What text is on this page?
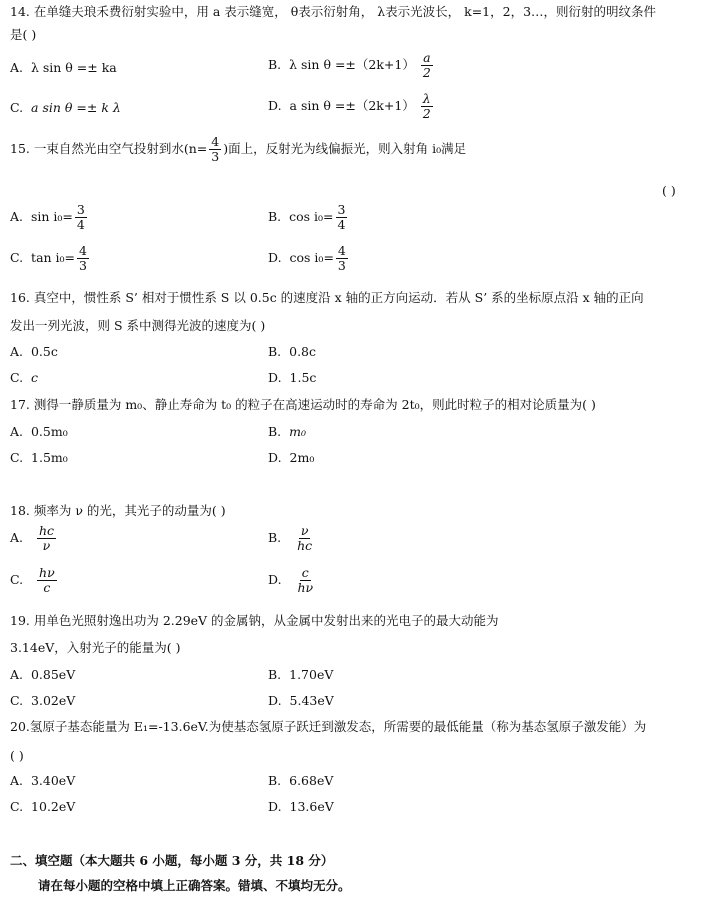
14. 在单缝夫琅禾费衍射实验中，用 a 表示缝宽， θ表示衍射角， λ表示光波长， k=1，2，3…，则衍射的明纹条件
是( )
A. λ sin θ =± ka	B. λ $\sin \theta =\pm(2k+1) \frac{a}{2}$
C. a sin θ =± k λ	D. a $\sin \theta =\pm(2k+1) \frac{\lambda}{2}$
15. 一束自然光由空气投射到水($n= \frac{4}{3}$ )面上，反射光为线偏振光，则入射角 i₀满足
( )
A. $\sin i_0= \frac{3}{4}$	B. $\cos i_0= \frac{3}{4}$
C. $\tan i_0= \frac{4}{3}$	D. $\cos i_0= \frac{4}{3}$
16. 真空中，惯性系 S’ 相对于惯性系 S 以 0.5c 的速度沿 x 轴的正方向运动．若从 S’ 系的坐标原点沿 x 轴的正向
发出一列光波，则 S 系中测得光波的速度为( )
A. 0.5c	B. 0.8c
C. c	D. 1.5c
17. 测得一静质量为 m₀、静止寿命为 t₀ 的粒子在高速运动时的寿命为 2t₀，则此时粒子的相对论质量为( )
A. 0.5m₀	B. m₀
C. 1.5m₀	D. 2m₀
18. 频率为 ν 的光，其光子的动量为( )
A. $\frac{hc}{\nu}$	B. $\frac{\nu}{hc}$
C. $\frac{h\nu}{c}$	D. $\frac{c}{h\nu}$
19. 用单色光照射逸出功为 2.29eV 的金属钠，从金属中发射出来的光电子的最大动能为
3.14eV，入射光子的能量为( )
A. 0.85eV	B. 1.70eV
C. 3.02eV	D. 5.43eV
20.氢原子基态能量为 E₁=-13.6eV.为使基态氢原子跃迁到激发态，所需要的最低能量（称为基态氢原子激发能）为
( )
A. 3.40eV	B. 6.68eV
C. 10.2eV	D. 13.6eV
二、填空题（本大题共 6 小题，每小题 3 分，共 18 分）
请在每小题的空格中填上正确答案。错填、不填均无分。
